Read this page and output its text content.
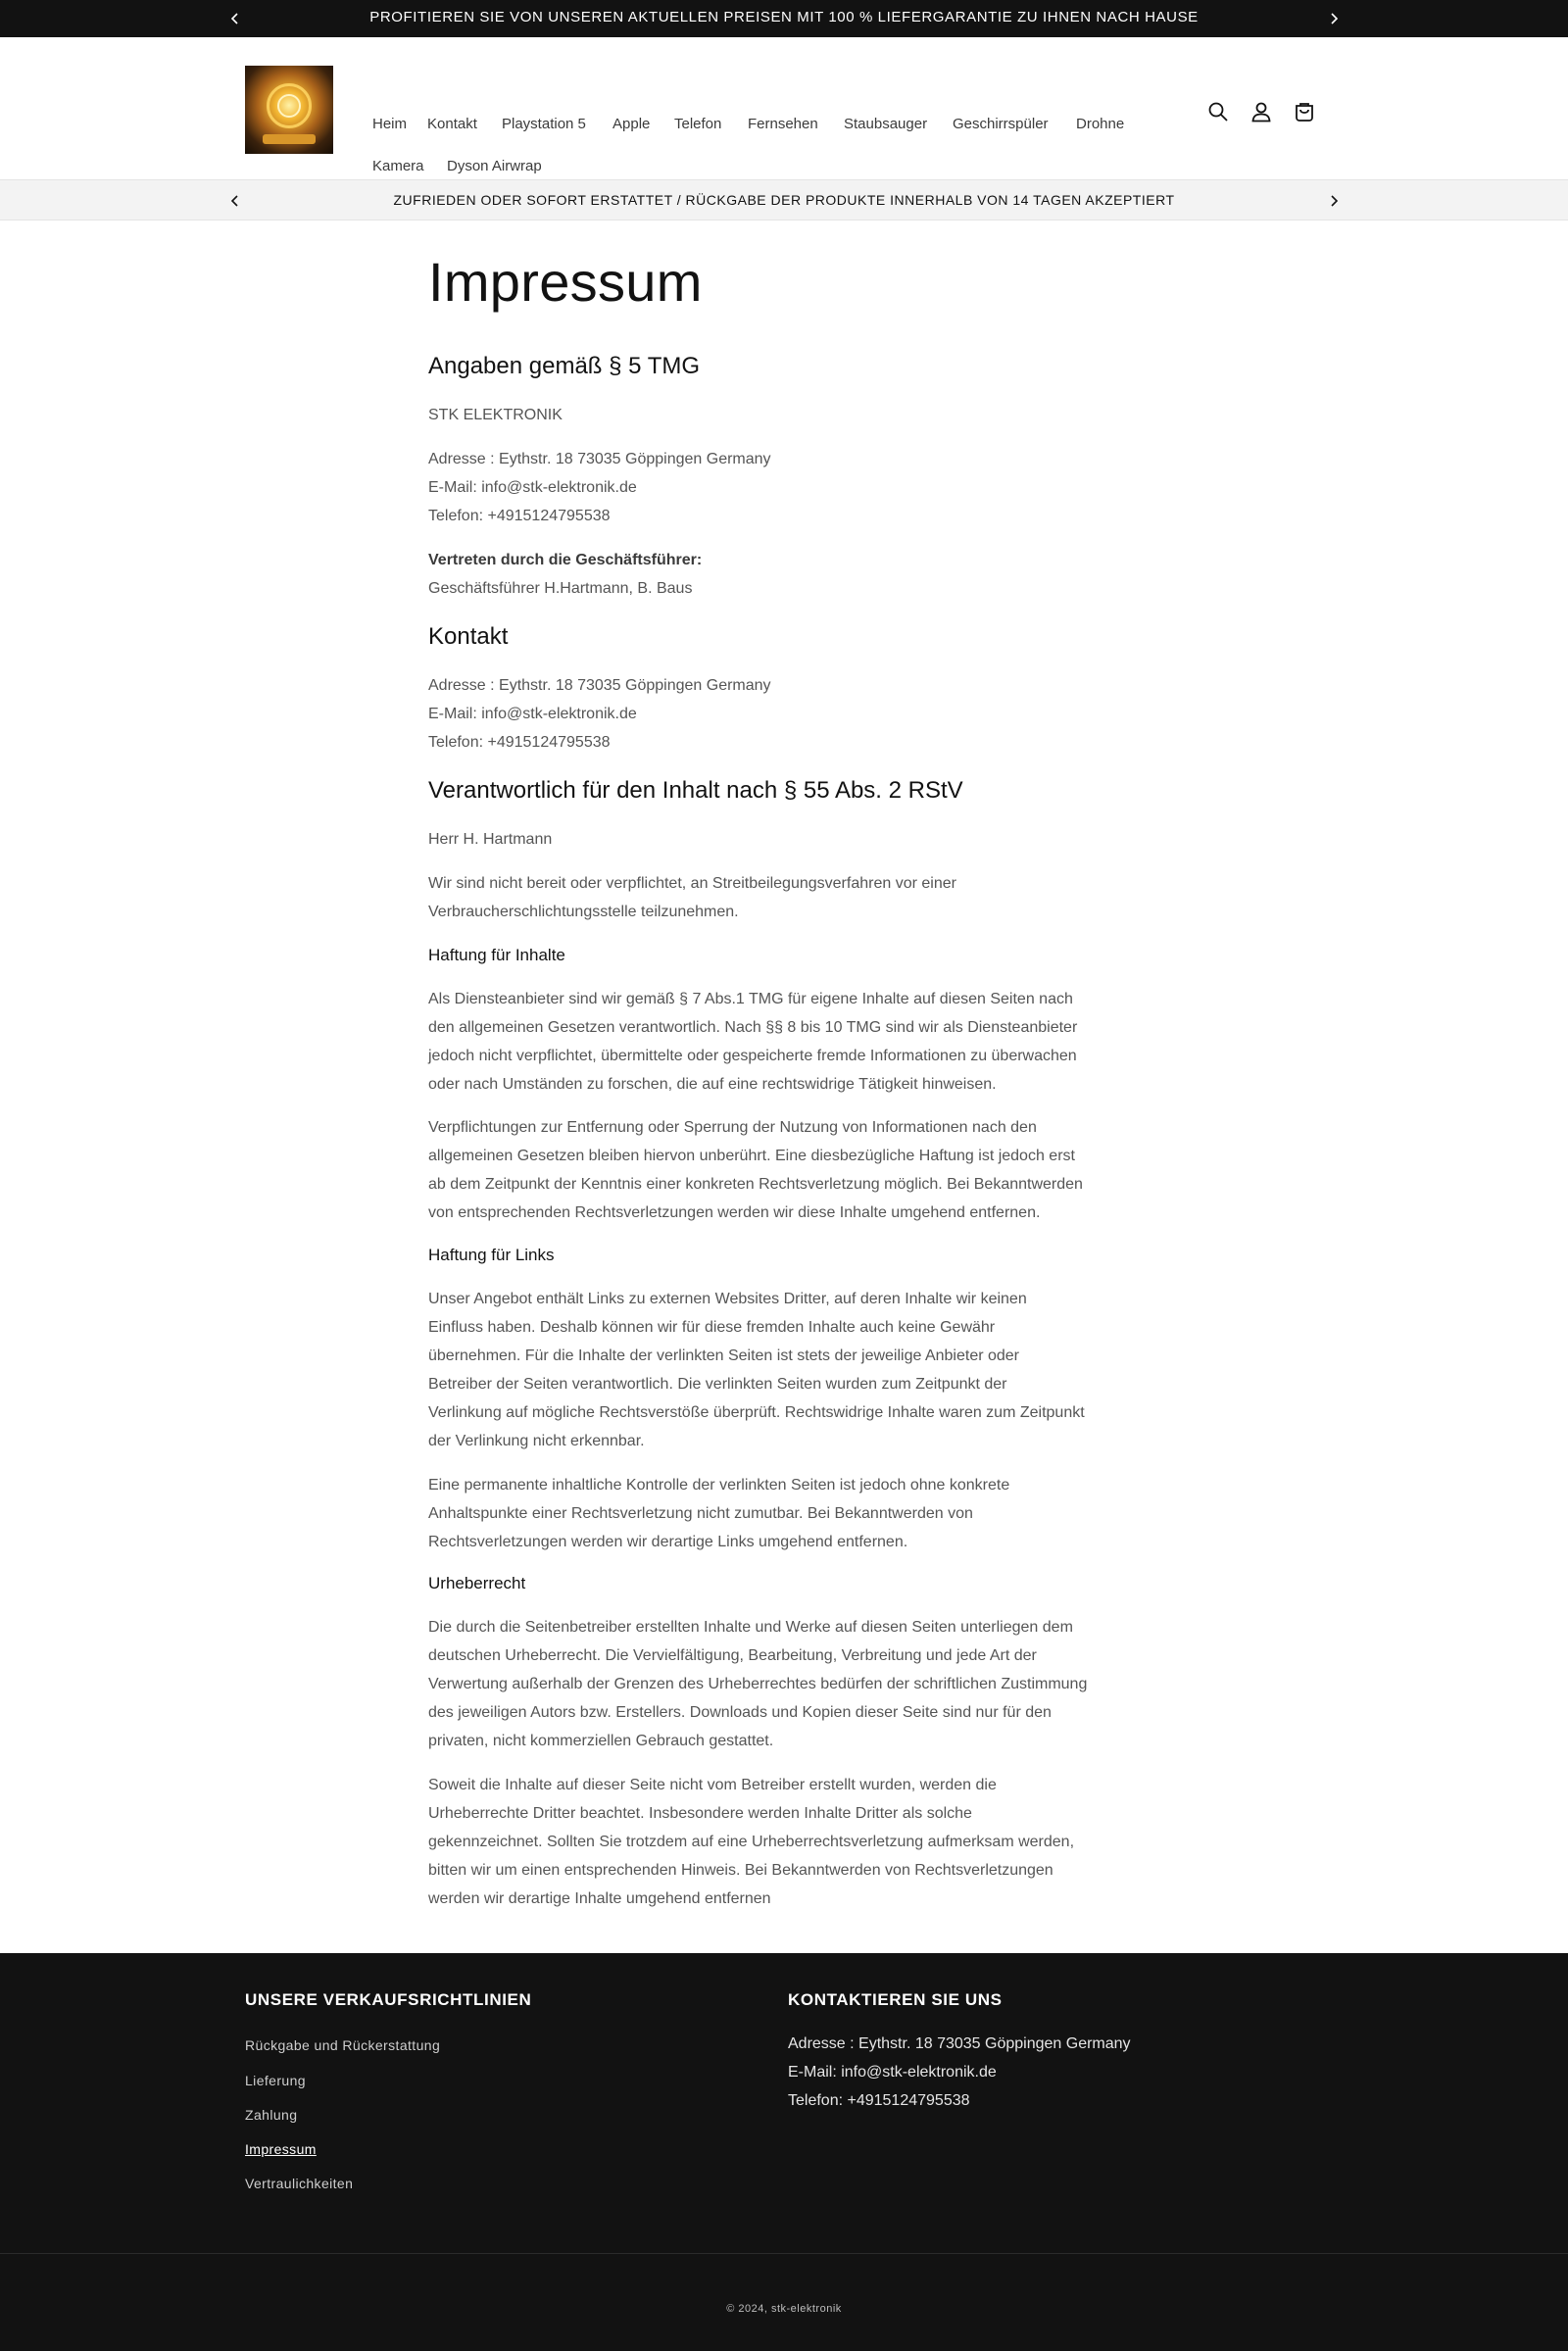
PROFITIEREN SIE VON UNSEREN AKTUELLEN PREISEN MIT 100 % LIEFERGARANTIE ZU IHNEN NACH HAUSE
Heim Kontakt Playstation 5 Apple Telefon Fernsehen Staubsauger Geschirrspüler Drohne
Kamera Dyson Airwrap
ZUFRIEDEN ODER SOFORT ERSTATTET / RÜCKGABE DER PRODUKTE INNERHALB VON 14 TAGEN AKZEPTIERT
Impressum
Angaben gemäß § 5 TMG
STK ELEKTRONIK
Adresse : Eythstr. 18 73035 Göppingen Germany
E-Mail: info@stk-elektronik.de
Telefon: +4915124795538
Vertreten durch die Geschäftsführer:
Geschäftsführer H.Hartmann, B. Baus
Kontakt
Adresse : Eythstr. 18 73035 Göppingen Germany
E-Mail: info@stk-elektronik.de
Telefon: +4915124795538
Verantwortlich für den Inhalt nach § 55 Abs. 2 RStV
Herr H. Hartmann
Wir sind nicht bereit oder verpflichtet, an Streitbeilegungsverfahren vor einer
Verbraucherschlichtungsstelle teilzunehmen.
Haftung für Inhalte
Als Diensteanbieter sind wir gemäß § 7 Abs.1 TMG für eigene Inhalte auf diesen Seiten nach
den allgemeinen Gesetzen verantwortlich. Nach §§ 8 bis 10 TMG sind wir als Diensteanbieter
jedoch nicht verpflichtet, übermittelte oder gespeicherte fremde Informationen zu überwachen
oder nach Umständen zu forschen, die auf eine rechtswidrige Tätigkeit hinweisen.
Verpflichtungen zur Entfernung oder Sperrung der Nutzung von Informationen nach den
allgemeinen Gesetzen bleiben hiervon unberührt. Eine diesbezügliche Haftung ist jedoch erst
ab dem Zeitpunkt der Kenntnis einer konkreten Rechtsverletzung möglich. Bei Bekanntwerden
von entsprechenden Rechtsverletzungen werden wir diese Inhalte umgehend entfernen.
Haftung für Links
Unser Angebot enthält Links zu externen Websites Dritter, auf deren Inhalte wir keinen
Einfluss haben. Deshalb können wir für diese fremden Inhalte auch keine Gewähr
übernehmen. Für die Inhalte der verlinkten Seiten ist stets der jeweilige Anbieter oder
Betreiber der Seiten verantwortlich. Die verlinkten Seiten wurden zum Zeitpunkt der
Verlinkung auf mögliche Rechtsverstöße überprüft. Rechtswidrige Inhalte waren zum Zeitpunkt
der Verlinkung nicht erkennbar.
Eine permanente inhaltliche Kontrolle der verlinkten Seiten ist jedoch ohne konkrete
Anhaltspunkte einer Rechtsverletzung nicht zumutbar. Bei Bekanntwerden von
Rechtsverletzungen werden wir derartige Links umgehend entfernen.
Urheberrecht
Die durch die Seitenbetreiber erstellten Inhalte und Werke auf diesen Seiten unterliegen dem
deutschen Urheberrecht. Die Vervielfältigung, Bearbeitung, Verbreitung und jede Art der
Verwertung außerhalb der Grenzen des Urheberrechtes bedürfen der schriftlichen Zustimmung
des jeweiligen Autors bzw. Erstellers. Downloads und Kopien dieser Seite sind nur für den
privaten, nicht kommerziellen Gebrauch gestattet.
Soweit die Inhalte auf dieser Seite nicht vom Betreiber erstellt wurden, werden die
Urheberrechte Dritter beachtet. Insbesondere werden Inhalte Dritter als solche
gekennzeichnet. Sollten Sie trotzdem auf eine Urheberrechtsverletzung aufmerksam werden,
bitten wir um einen entsprechenden Hinweis. Bei Bekanntwerden von Rechtsverletzungen
werden wir derartige Inhalte umgehend entfernen
UNSERE VERKAUFSRICHTLINIEN
Rückgabe und Rückerstattung
Lieferung
Zahlung
Impressum
Vertraulichkeiten
KONTAKTIEREN SIE UNS
Adresse : Eythstr. 18 73035 Göppingen Germany
E-Mail: info@stk-elektronik.de
Telefon: +4915124795538
© 2024, stk-elektronik
